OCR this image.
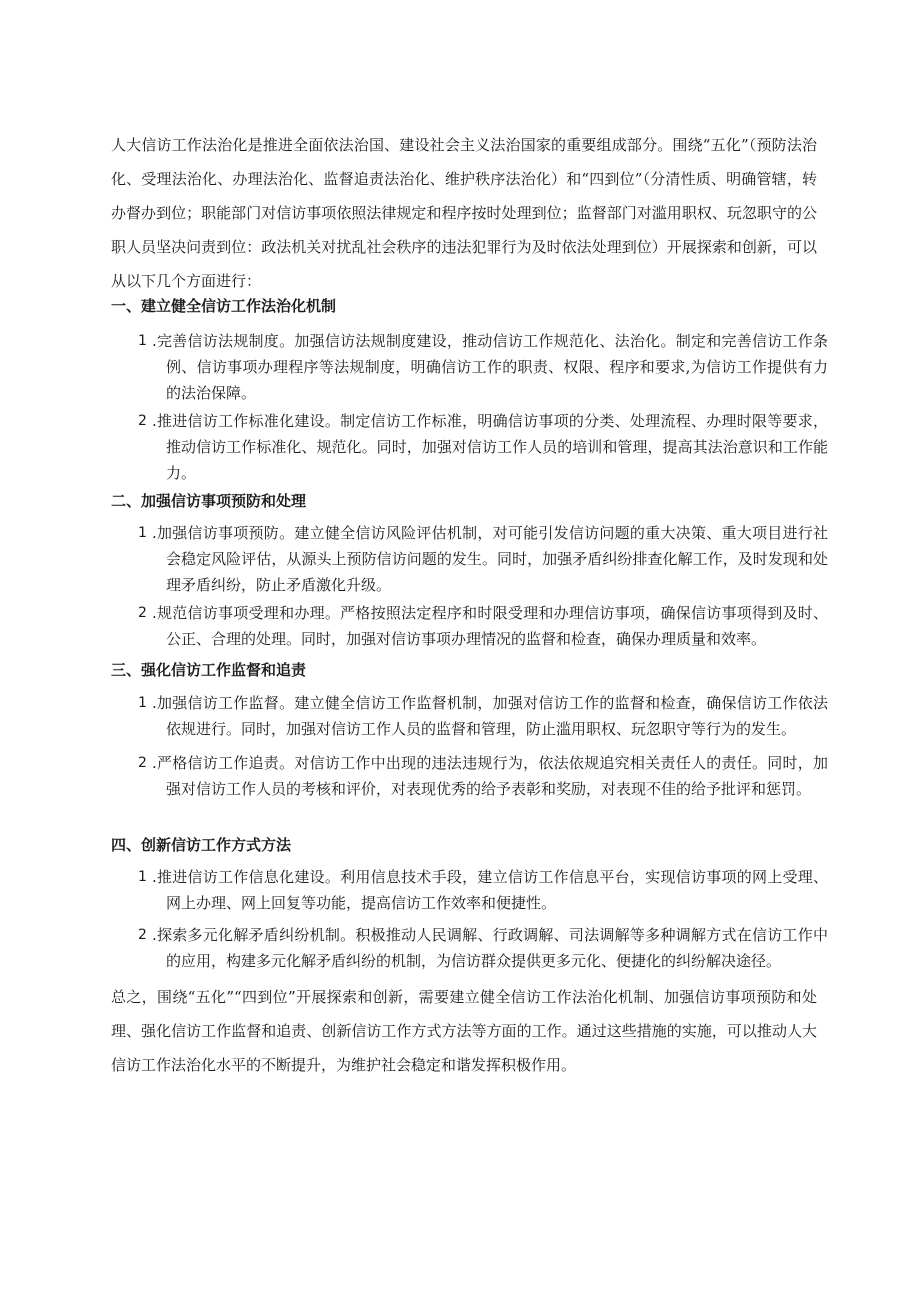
人大信访工作法治化是推进全面依法治国、建设社会主义法治国家的重要组成部分。围绕“五化”（预防法治化、受理法治化、办理法治化、监督追责法治化、维护秩序法治化）和“四到位”（分清性质、明确管辖，转办督办到位；职能部门对信访事项依照法律规定和程序按时处理到位；监督部门对滥用职权、玩忽职守的公职人员坚决问责到位：政法机关对扰乱社会秩序的违法犯罪行为及时依法处理到位）开展探索和创新，可以从以下几个方面进行：

一、建立健全信访工作法治化机制
1 .完善信访法规制度。加强信访法规制度建设，推动信访工作规范化、法治化。制定和完善信访工作条例、信访事项办理程序等法规制度，明确信访工作的职责、权限、程序和要求,为信访工作提供有力的法治保障。
2 .推进信访工作标准化建设。制定信访工作标准，明确信访事项的分类、处理流程、办理时限等要求，推动信访工作标准化、规范化。同时，加强对信访工作人员的培训和管理，提高其法治意识和工作能力。
二、加强信访事项预防和处理
1 .加强信访事项预防。建立健全信访风险评估机制，对可能引发信访问题的重大决策、重大项目进行社会稳定风险评估，从源头上预防信访问题的发生。同时，加强矛盾纠纷排查化解工作，及时发现和处理矛盾纠纷，防止矛盾激化升级。
2 .规范信访事项受理和办理。严格按照法定程序和时限受理和办理信访事项，确保信访事项得到及时、公正、合理的处理。同时，加强对信访事项办理情况的监督和检查，确保办理质量和效率。
三、强化信访工作监督和追责
1 .加强信访工作监督。建立健全信访工作监督机制，加强对信访工作的监督和检查，确保信访工作依法依规进行。同时，加强对信访工作人员的监督和管理，防止滥用职权、玩忽职守等行为的发生。
2 .严格信访工作追责。对信访工作中出现的违法违规行为，依法依规追究相关责任人的责任。同时，加强对信访工作人员的考核和评价，对表现优秀的给予表彰和奖励，对表现不佳的给予批评和惩罚。
四、创新信访工作方式方法
1 .推进信访工作信息化建设。利用信息技术手段，建立信访工作信息平台，实现信访事项的网上受理、网上办理、网上回复等功能，提高信访工作效率和便捷性。
2 .探索多元化解矛盾纠纷机制。积极推动人民调解、行政调解、司法调解等多种调解方式在信访工作中的应用，构建多元化解矛盾纠纷的机制，为信访群众提供更多元化、便捷化的纠纷解决途径。

总之，围绕“五化”“四到位”开展探索和创新，需要建立健全信访工作法治化机制、加强信访事项预防和处理、强化信访工作监督和追责、创新信访工作方式方法等方面的工作。通过这些措施的实施，可以推动人大信访工作法治化水平的不断提升，为维护社会稳定和谐发挥积极作用。
